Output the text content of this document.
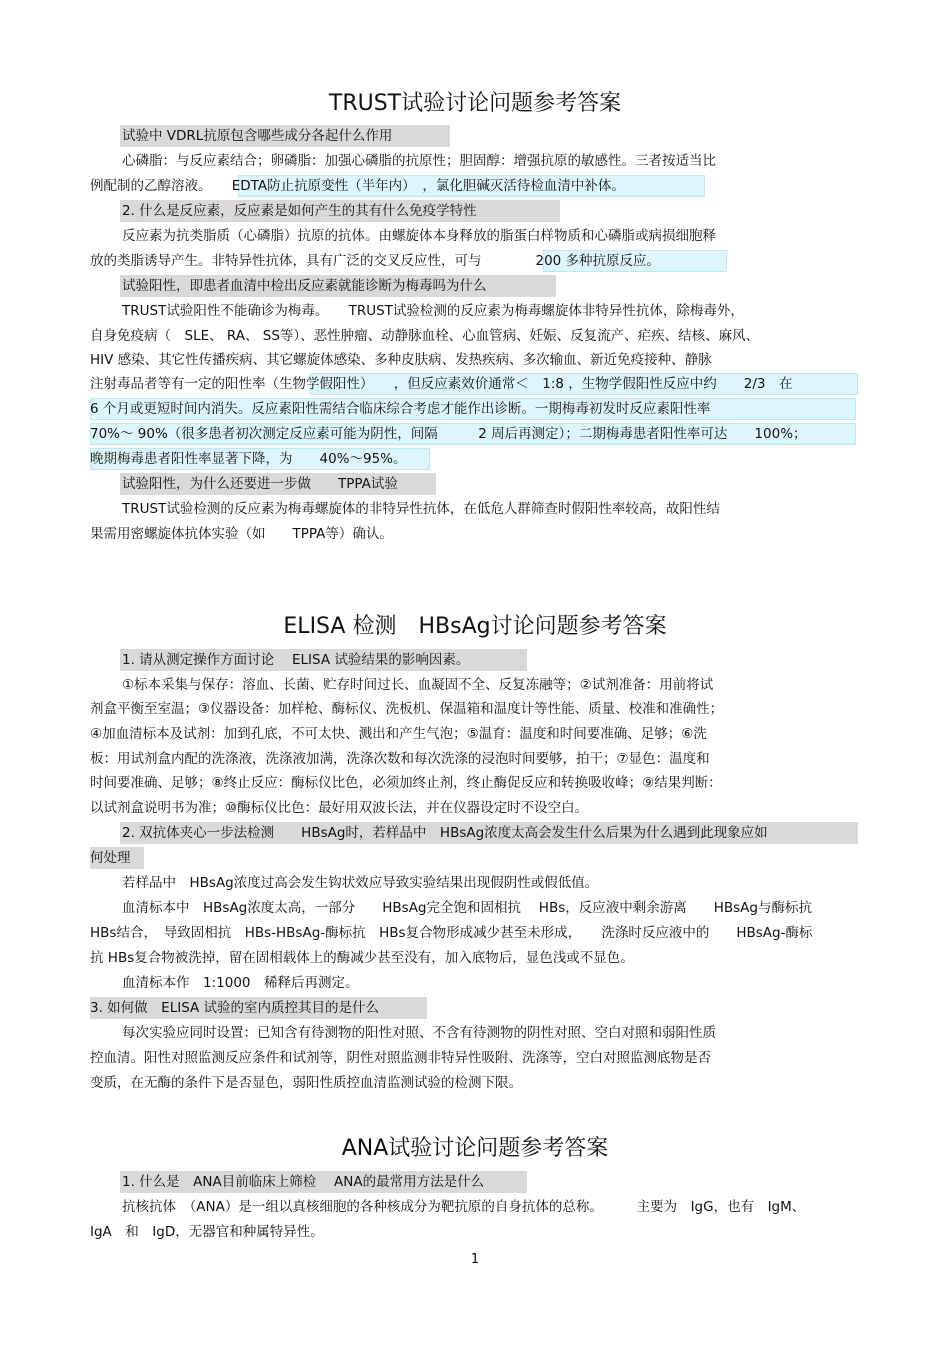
TRUST试验讨论问题参考答案
试验中 VDRL抗原包含哪些成分各起什么作用
心磷脂：与反应素结合；卵磷脂：加强心磷脂的抗原性；胆固醇：增强抗原的敏感性。三者按适当比
例配制的乙醇溶液。　　EDTA防止抗原变性（半年内）　，氯化胆碱灭活待检血清中补体。
2. 什么是反应素，反应素是如何产生的其有什么免疫学特性
反应素为抗类脂质（心磷脂）抗原的抗体。由螺旋体本身释放的脂蛋白样物质和心磷脂或病损细胞释
放的类脂诱导产生。非特异性抗体，具有广泛的交叉反应性，可与　　　　200 多种抗原反应。
试验阳性，即患者血清中检出反应素就能诊断为梅毒吗为什么
TRUST试验阳性不能确诊为梅毒。　　TRUST试验检测的反应素为梅毒螺旋体非特异性抗体，除梅毒外，
自身免疫病（　SLE、 RA、 SS等）、恶性肿瘤、动静脉血栓、心血管病、妊娠、反复流产、疟疾、结核、麻风、
HIV 感染、其它性传播疾病、其它螺旋体感染、多种皮肤病、发热疾病、多次输血、新近免疫接种、静脉
注射毒品者等有一定的阳性率（生物学假阳性）　　，但反应素效价通常＜　1:8 ，生物学假阳性反应中约　　2/3　在
6 个月或更短时间内消失。反应素阳性需结合临床综合考虑才能作出诊断。一期梅毒初发时反应素阳性率
70%～ 90%（很多患者初次测定反应素可能为阴性，间隔　　　2 周后再测定）；二期梅毒患者阳性率可达　　100%；
晚期梅毒患者阳性率显著下降，为　　40%～95%。
试验阳性，为什么还要进一步做　　TPPA试验
TRUST试验检测的反应素为梅毒螺旋体的非特异性抗体，在低危人群筛查时假阳性率较高，故阳性结
果需用密螺旋体抗体实验（如　　TPPA等）确认。
ELISA 检测　HBsAg讨论问题参考答案
1. 请从测定操作方面讨论　 ELISA 试验结果的影响因素。
①标本采集与保存：溶血、长菌、贮存时间过长、血凝固不全、反复冻融等；②试剂准备：用前将试
剂盒平衡至室温；③仪器设备：加样枪、酶标仪、洗板机、保温箱和温度计等性能、质量、校准和准确性；
④加血清标本及试剂：加到孔底，不可太快、溅出和产生气泡；⑤温育：温度和时间要准确、足够；⑥洗
板：用试剂盒内配的洗涤液，洗涤液加满，洗涤次数和每次洗涤的浸泡时间要够，拍干；⑦显色：温度和
时间要准确、足够；⑧终止反应：酶标仪比色，必须加终止剂，终止酶促反应和转换吸收峰；⑨结果判断：
以试剂盒说明书为准；⑩酶标仪比色：最好用双波长法，并在仪器设定时不设空白。
2. 双抗体夹心一步法检测　　HBsAg时，若样品中　HBsAg浓度太高会发生什么后果为什么遇到此现象应如
何处理
若样品中　HBsAg浓度过高会发生钩状效应导致实验结果出现假阴性或假低值。
血清标本中　HBsAg浓度太高，一部分　　HBsAg完全饱和固相抗　 HBs，反应液中剩余游离　　HBsAg与酶标抗
HBs结合，　导致固相抗　HBs-HBsAg-酶标抗　HBs复合物形成减少甚至未形成，　　洗涤时反应液中的　　HBsAg-酶标
抗 HBs复合物被洗掉，留在固相载体上的酶减少甚至没有，加入底物后，显色浅或不显色。
血清标本作　1:1000　稀释后再测定。
3. 如何做　ELISA 试验的室内质控其目的是什么
每次实验应同时设置：已知含有待测物的阳性对照、不含有待测物的阴性对照、空白对照和弱阳性质
控血清。阳性对照监测反应条件和试剂等，阴性对照监测非特异性吸附、洗涤等，空白对照监测底物是否
变质，在无酶的条件下是否显色，弱阳性质控血清监测试验的检测下限。
ANA试验讨论问题参考答案
1. 什么是　ANA目前临床上筛检　 ANA的最常用方法是什么
抗核抗体　（ANA）是一组以真核细胞的各种核成分为靶抗原的自身抗体的总称。　　　主要为　IgG，也有　IgM、
IgA　和　IgD，无器官和种属特异性。
1
